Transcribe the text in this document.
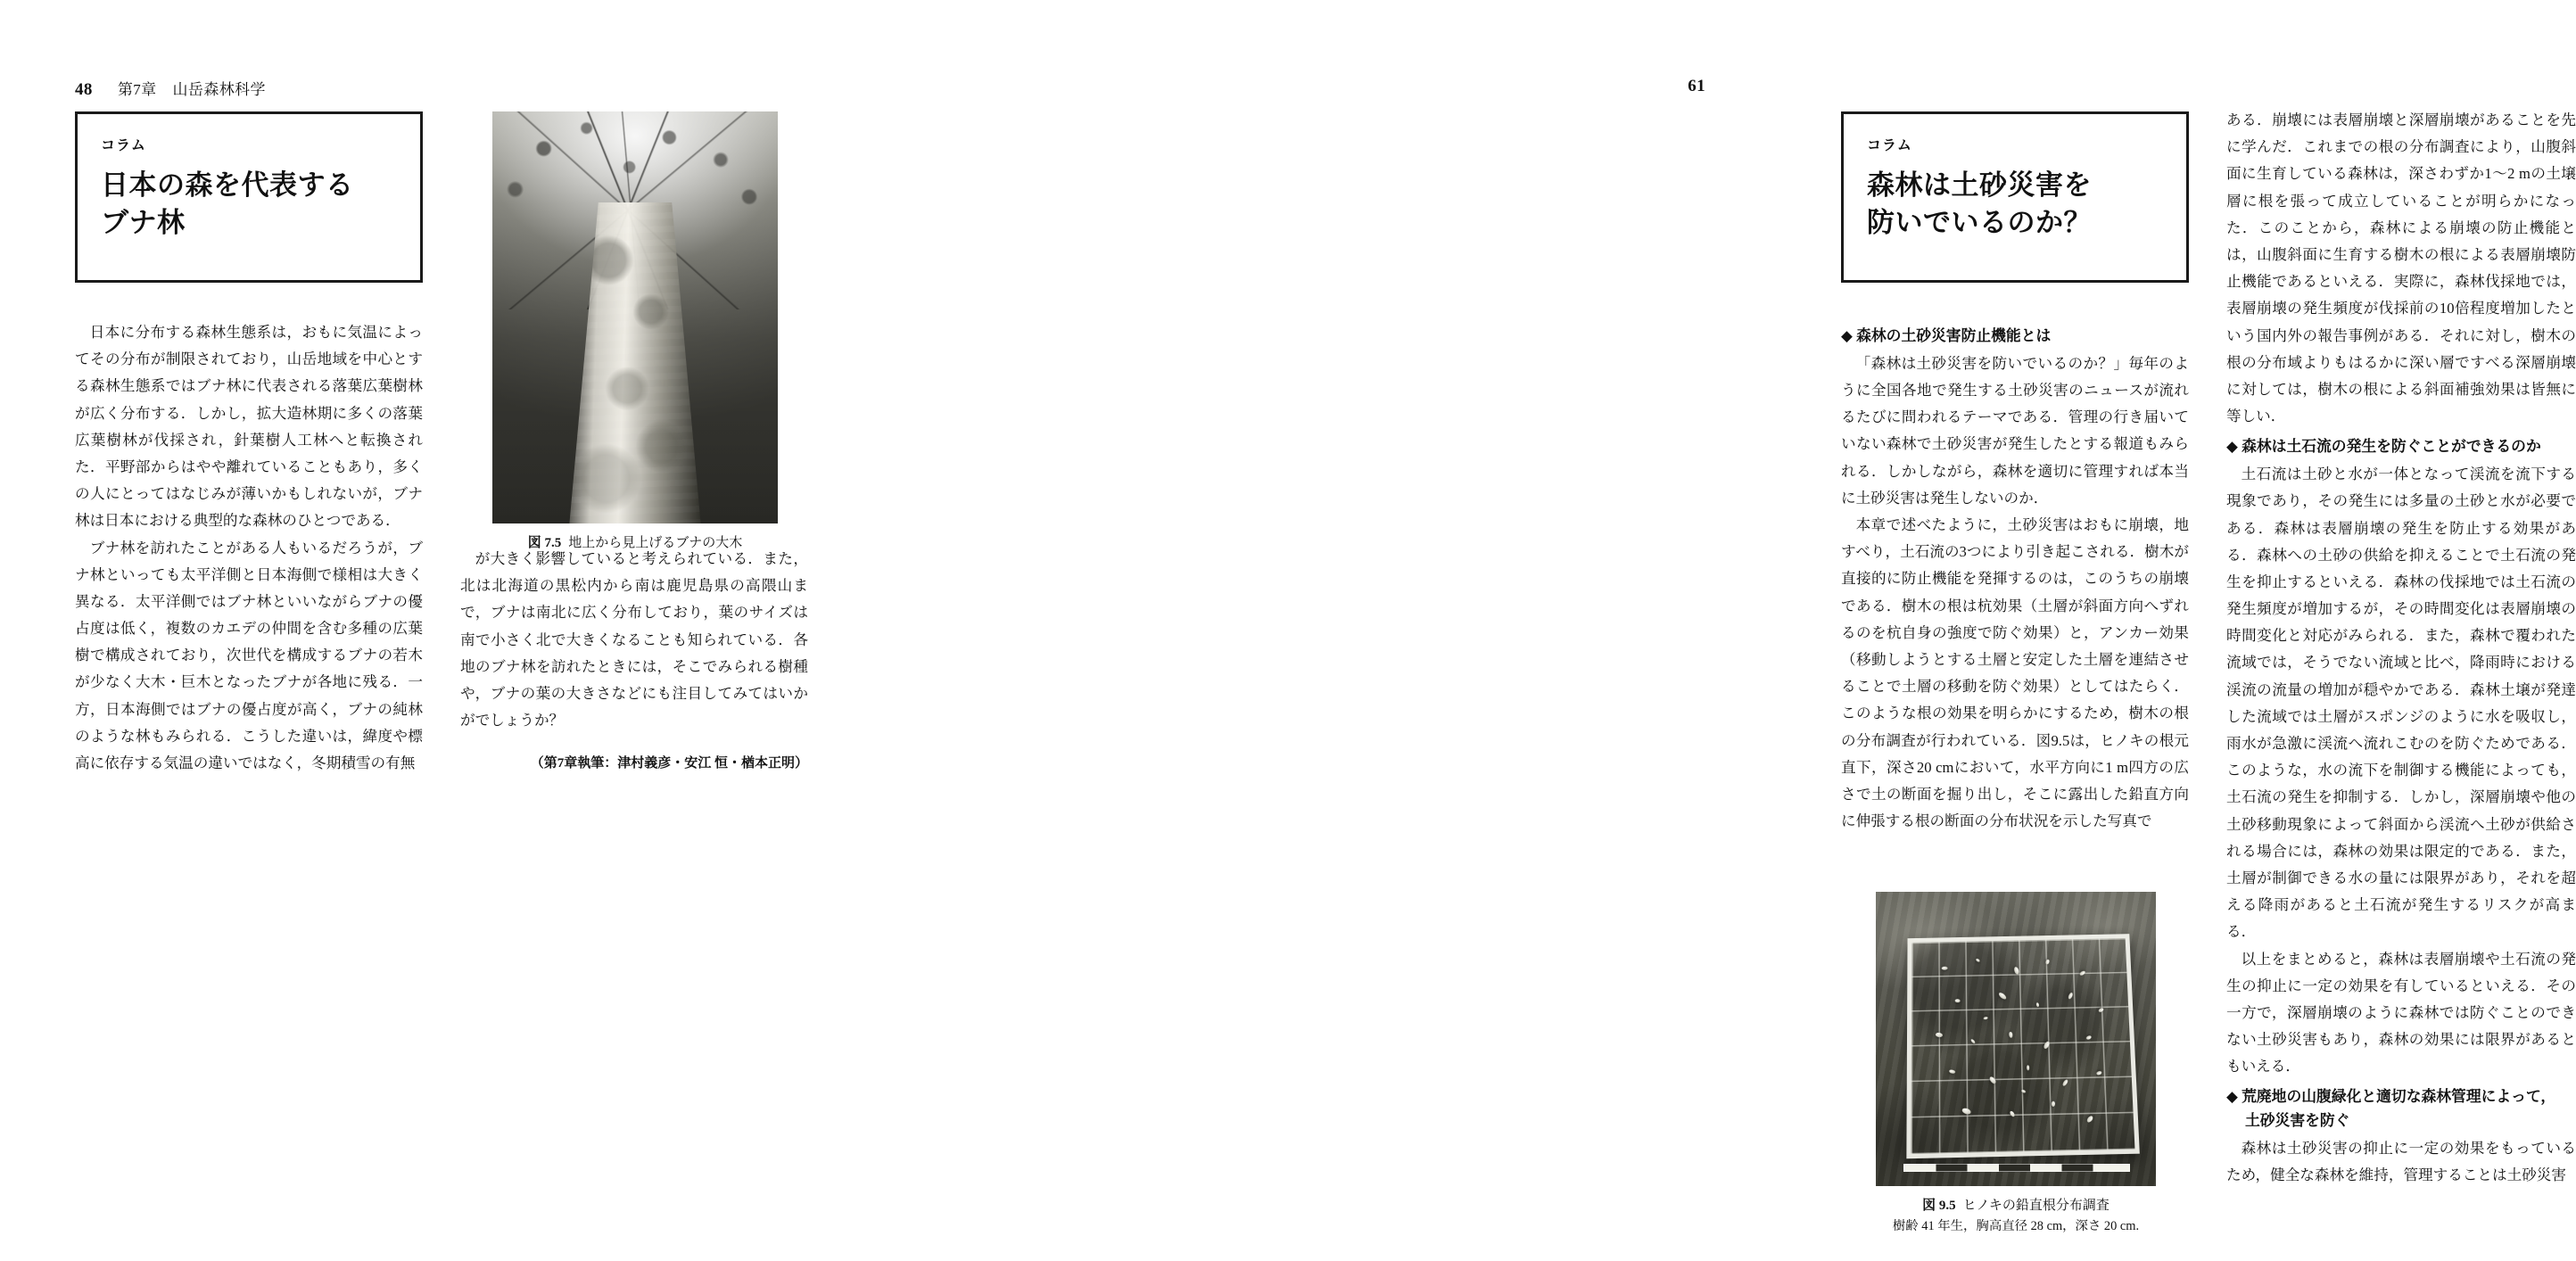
48 第7章 山岳森林科学
コラム
日本の森を代表する
ブナ林

日本に分布する森林生態系は，おもに気温によってその分布が制限されており，山岳地域を中心とする森林生態系ではブナ林に代表される落葉広葉樹林が広く分布する．しかし，拡大造林期に多くの落葉広葉樹林が伐採され，針葉樹人工林へと転換された．平野部からはやや離れていることもあり，多くの人にとってはなじみが薄いかもしれないが，ブナ林は日本における典型的な森林のひとつである．

ブナ林を訪れたことがある人もいるだろうが，ブナ林といっても太平洋側と日本海側で様相は大きく異なる．太平洋側ではブナ林といいながらブナの優占度は低く，複数のカエデの仲間を含む多種の広葉樹で構成されており，次世代を構成するブナの若木が少なく大木・巨木となったブナが各地に残る．一方，日本海側ではブナの優占度が高く，ブナの純林のような林もみられる．こうした違いは，緯度や標高に依存する気温の違いではなく，冬期積雪の有無

が大きく影響していると考えられている．また，北は北海道の黒松内から南は鹿児島県の高隈山まで，ブナは南北に広く分布しており，葉のサイズは南で小さく北で大きくなることも知られている．各地のブナ林を訪れたときには，そこでみられる樹種や，ブナの葉の大きさなどにも注目してみてはいかがでしょうか？

（第7章執筆：津村義彦・安江 恒・楢本正明）
図 7.5 地上から見上げるブナの大木
61
コラム
森林は土砂災害を
防いでいるのか？
◆ 森林の土砂災害防止機能とは

「森林は土砂災害を防いでいるのか？」毎年のように全国各地で発生する土砂災害のニュースが流れるたびに問われるテーマである．管理の行き届いていない森林で土砂災害が発生したとする報道もみられる．しかしながら，森林を適切に管理すれば本当に土砂災害は発生しないのか．

本章で述べたように，土砂災害はおもに崩壊，地すべり，土石流の3つにより引き起こされる．樹木が直接的に防止機能を発揮するのは，このうちの崩壊である．樹木の根は杭効果（土層が斜面方向へずれるのを杭自身の強度で防ぐ効果）と，アンカー効果（移動しようとする土層と安定した土層を連結させることで土層の移動を防ぐ効果）としてはたらく．このような根の効果を明らかにするため，樹木の根の分布調査が行われている．図9.5は，ヒノキの根元直下，深さ20 cmにおいて，水平方向に1 m四方の広さで土の断面を掘り出し，そこに露出した鉛直方向に伸張する根の断面の分布状況を示した写真で

ある．崩壊には表層崩壊と深層崩壊があることを先に学んだ．これまでの根の分布調査により，山腹斜面に生育している森林は，深さわずか1～2 mの土壌層に根を張って成立していることが明らかになった．このことから，森林による崩壊の防止機能とは，山腹斜面に生育する樹木の根による表層崩壊防止機能であるといえる．実際に，森林伐採地では，表層崩壊の発生頻度が伐採前の10倍程度増加したという国内外の報告事例がある．それに対し，樹木の根の分布域よりもはるかに深い層ですべる深層崩壊に対しては，樹木の根による斜面補強効果は皆無に等しい．

◆ 森林は土石流の発生を防ぐことができるのか

土石流は土砂と水が一体となって渓流を流下する現象であり，その発生には多量の土砂と水が必要である．森林は表層崩壊の発生を防止する効果がある．森林への土砂の供給を抑えることで土石流の発生を抑止するといえる．森林の伐採地では土石流の発生頻度が増加するが，その時間変化は表層崩壊の時間変化と対応がみられる．また，森林で覆われた流域では，そうでない流域と比べ，降雨時における渓流の流量の増加が穏やかである．森林土壌が発達した流域では土層がスポンジのように水を吸収し，雨水が急激に渓流へ流れこむのを防ぐためである．このような，水の流下を制御する機能によっても，土石流の発生を抑制する．しかし，深層崩壊や他の土砂移動現象によって斜面から渓流へ土砂が供給される場合には，森林の効果は限定的である．また，土層が制御できる水の量には限界があり，それを超える降雨があると土石流が発生するリスクが高まる．

以上をまとめると，森林は表層崩壊や土石流の発生の抑止に一定の効果を有しているといえる．その一方で，深層崩壊のように森林では防ぐことのできない土砂災害もあり，森林の効果には限界があるともいえる．

◆ 荒廃地の山腹緑化と適切な森林管理によって，
　 土砂災害を防ぐ

森林は土砂災害の抑止に一定の効果をもっているため，健全な森林を維持，管理することは土砂災害

図 9.5 ヒノキの鉛直根分布調査
樹齢 41 年生，胸高直径 28 cm，深さ 20 cm.
